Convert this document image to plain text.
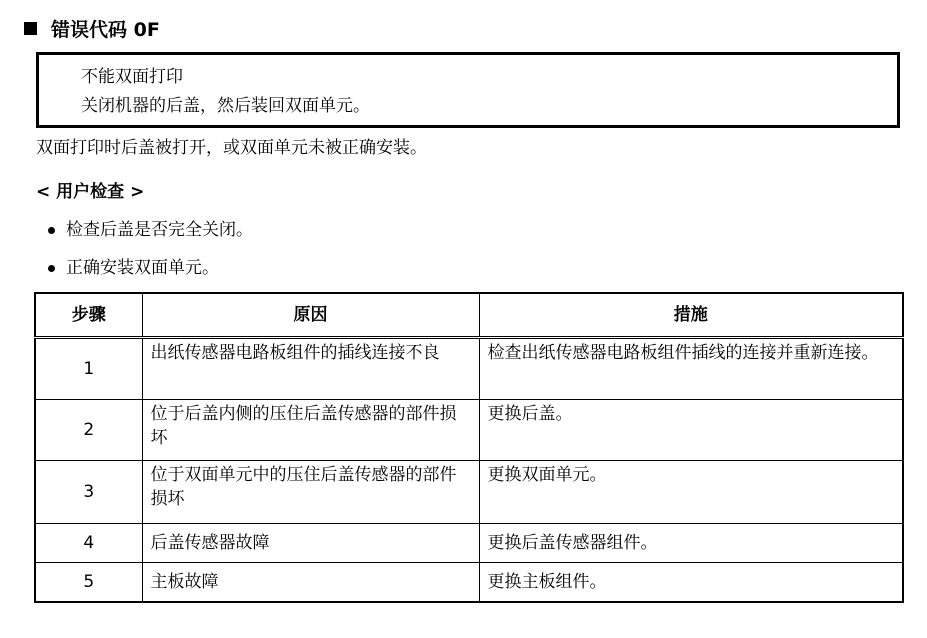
错误代码 0F
不能双面打印
关闭机器的后盖，然后装回双面单元。
双面打印时后盖被打开，或双面单元未被正确安装。
< 用户检查 >
检查后盖是否完全关闭。
正确安装双面单元。
步骤	原因	措施
1	出纸传感器电路板组件的插线连接不良	检查出纸传感器电路板组件插线的连接并重新连接。
2	位于后盖内侧的压住后盖传感器的部件损坏	更换后盖。
3	位于双面单元中的压住后盖传感器的部件损坏	更换双面单元。
4	后盖传感器故障	更换后盖传感器组件。
5	主板故障	更换主板组件。
